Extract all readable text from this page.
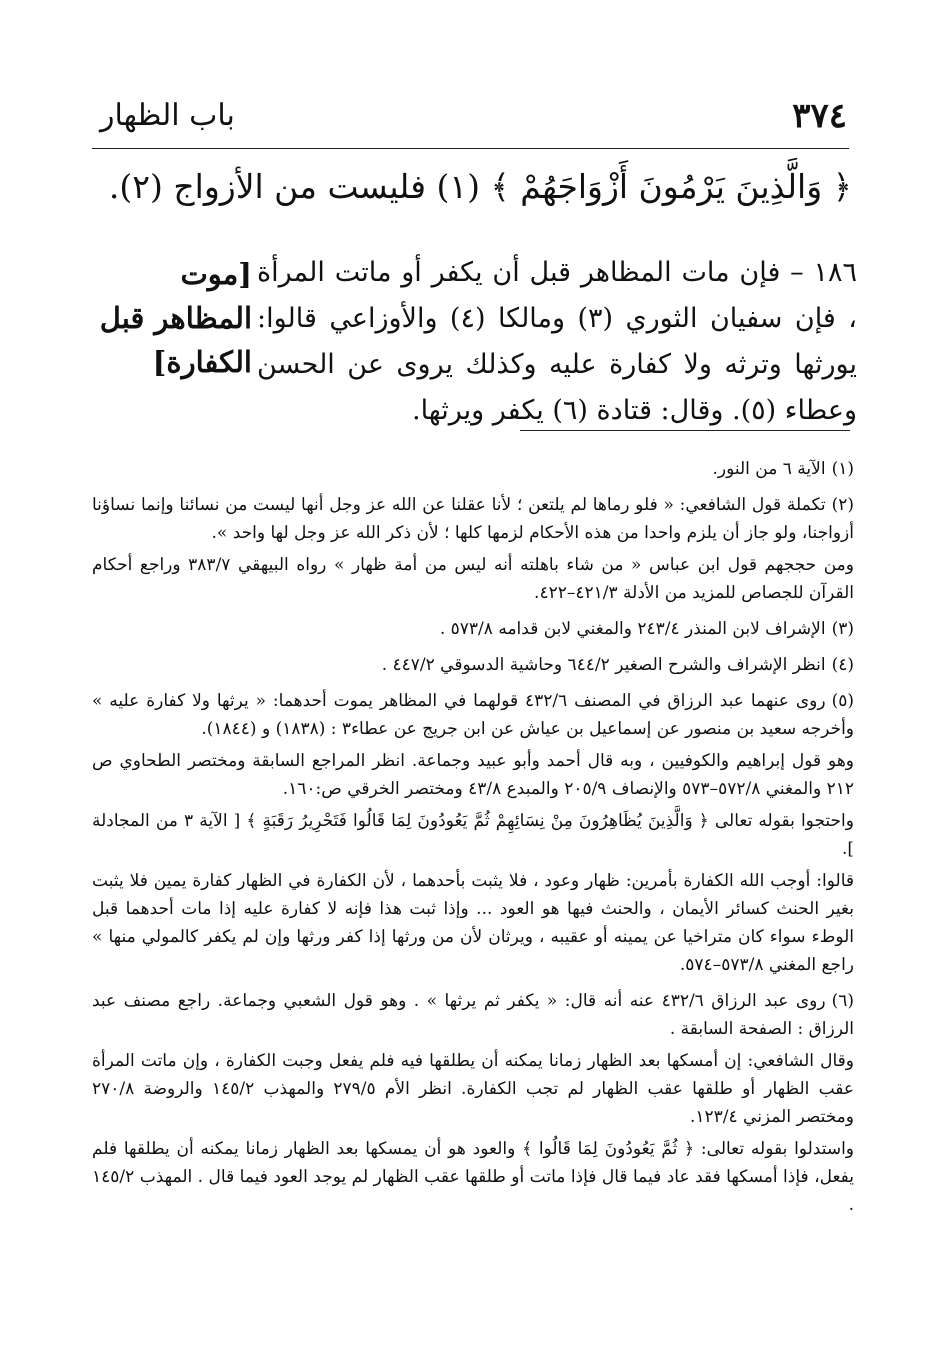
٣٧٤
باب الظهار
﴿ وَالَّذِينَ يَرْمُونَ أَزْوَاجَهُمْ ﴾ (١) فليست من الأزواج (٢).
١٨٦ – فإن مات المظاهر قبل أن يكفر أو ماتت المرأة ، فإن سفيان الثوري (٣) ومالكا (٤) والأوزاعي قالوا: يورثها وترثه ولا كفارة عليه وكذلك يروى عن الحسن وعطاء (٥). وقال: قتادة (٦) يكفر ويرثها.
[موت المظاهر قبل الكفارة]

(١)الآية ٦ من النور.

(٢)تكملة قول الشافعي: « فلو رماها لم يلتعن ؛ لأنا عقلنا عن الله عز وجل أنها ليست من نسائنا وإنما نساؤنا أزواجنا، ولو جاز أن يلزم واحدا من هذه الأحكام لزمها كلها ؛ لأن ذكر الله عز وجل لها واحد ».

ومن حججهم قول ابن عباس « من شاء باهلته أنه ليس من أمة ظهار » رواه البيهقي ٣٨٣/٧ وراجع أحكام القرآن للجصاص للمزيد من الأدلة ٤٢١/٣–٤٢٢.

(٣)الإشراف لابن المنذر ٢٤٣/٤ والمغني لابن قدامه ٥٧٣/٨ .

(٤)انظر الإشراف والشرح الصغير ٦٤٤/٢ وحاشية الدسوقي ٤٤٧/٢ .

(٥)روى عنهما عبد الرزاق في المصنف ٤٣٢/٦ قولهما في المظاهر يموت أحدهما: « يرثها ولا كفارة عليه » وأخرجه سعيد بن منصور عن إسماعيل بن عياش عن ابن جريج عن عطاء٣ : (١٨٣٨) و (١٨٤٤).

وهو قول إبراهيم والكوفيين ، وبه قال أحمد وأبو عبيد وجماعة. انظر المراجع السابقة ومختصر الطحاوي ص ٢١٢ والمغني ٥٧٢/٨–٥٧٣ والإنصاف ٢٠٥/٩ والمبدع ٤٣/٨ ومختصر الخرقي ص:١٦٠.

واحتجوا بقوله تعالى ﴿ وَالَّذِينَ يُظَاهِرُونَ مِنْ نِسَائِهِمْ ثُمَّ يَعُودُونَ لِمَا قَالُوا فَتَحْرِيرُ رَقَبَةٍ ﴾ [ الآية ٣ من المجادلة ].

قالوا: أوجب الله الكفارة بأمرين: ظهار وعود ، فلا يثبت بأحدهما ، لأن الكفارة في الظهار كفارة يمين فلا يثبت بغير الحنث كسائر الأيمان ، والحنث فيها هو العود ... وإذا ثبت هذا فإنه لا كفارة عليه إذا مات أحدهما قبل الوطء سواء كان متراخيا عن يمينه أو عقيبه ، ويرثان لأن من ورثها إذا كفر ورثها وإن لم يكفر كالمولي منها » راجع المغني ٥٧٣/٨–٥٧٤.

(٦)روى عبد الرزاق ٤٣٢/٦ عنه أنه قال: « يكفر ثم يرثها » . وهو قول الشعبي وجماعة. راجع مصنف عبد الرزاق : الصفحة السابقة .

وقال الشافعي: إن أمسكها بعد الظهار زمانا يمكنه أن يطلقها فيه فلم يفعل وجبت الكفارة ، وإن ماتت المرأة عقب الظهار أو طلقها عقب الظهار لم تجب الكفارة. انظر الأم ٢٧٩/٥ والمهذب ١٤٥/٢ والروضة ٢٧٠/٨ ومختصر المزني ١٢٣/٤.

واستدلوا بقوله تعالى: ﴿ ثُمَّ يَعُودُونَ لِمَا قَالُوا ﴾ والعود هو أن يمسكها بعد الظهار زمانا يمكنه أن يطلقها فلم يفعل، فإذا أمسكها فقد عاد فيما قال فإذا ماتت أو طلقها عقب الظهار لم يوجد العود فيما قال . المهذب ١٤٥/٢ .
